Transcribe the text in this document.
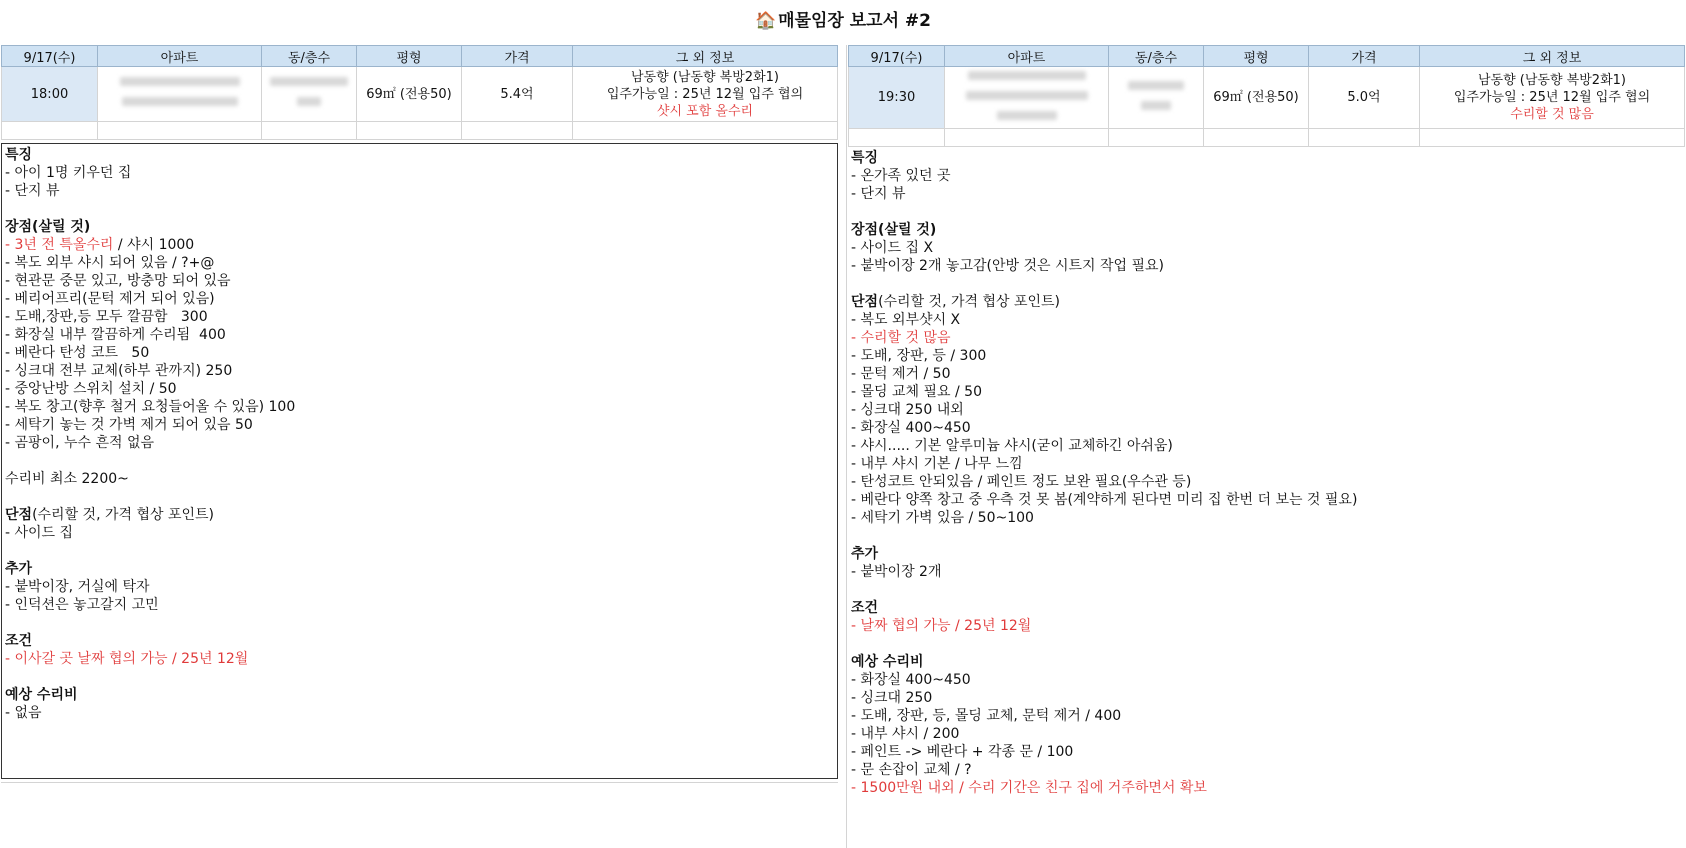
🏠 매물임장 보고서 #2
9/17(수)	아파트	동/층수	평형	가격	그 외 정보
18:00			69㎡ (전용50)	5.4억	남동향 (남동향 복방2화1)
입주가능일 : 25년 12월 입주 협의
샷시 포함 올수리

특징
- 아이 1명 키우던 집
- 단지 뷰
장점(살릴 것)
- 3년 전 특올수리 / 샤시 1000
- 복도 외부 샤시 되어 있음 / ?+@
- 현관문 중문 있고, 방충망 되어 있음
- 베리어프리(문턱 제거 되어 있음)
- 도배,장판,등 모두 깔끔함   300
- 화장실 내부 깔끔하게 수리됨  400
- 베란다 탄성 코트   50
- 싱크대 전부 교체(하부 관까지) 250
- 중앙난방 스위치 설치 / 50
- 복도 창고(향후 철거 요청들어올 수 있음) 100
- 세탁기 놓는 것 가벽 제거 되어 있음 50
- 곰팡이, 누수 흔적 없음
수리비 최소 2200~
단점(수리할 것, 가격 협상 포인트)
- 사이드 집
추가
- 붙박이장, 거실에 탁자
- 인덕션은 놓고갈지 고민
조건
- 이사갈 곳 날짜 협의 가능 / 25년 12월
예상 수리비
- 없음
9/17(수)	아파트	동/층수	평형	가격	그 외 정보
19:30			69㎡ (전용50)	5.0억	남동향 (남동향 복방2화1)
입주가능일 : 25년 12월 입주 협의
수리할 것 많음

특징
- 온가족 있던 곳
- 단지 뷰
장점(살릴 것)
- 사이드 집 X
- 붙박이장 2개 놓고감(안방 것은 시트지 작업 필요)
단점(수리할 것, 가격 협상 포인트)
- 복도 외부샷시 X
- 수리할 것 많음
- 도배, 장판, 등 / 300
- 문턱 제거 / 50
- 몰딩 교체 필요 / 50
- 싱크대 250 내외
- 화장실 400~450
- 샤시..... 기본 알루미늄 샤시(굳이 교체하긴 아쉬움)
- 내부 샤시 기본 / 나무 느낌
- 탄성코트 안되있음 / 페인트 정도 보완 필요(우수관 등)
- 베란다 양쪽 창고 중 우측 것 못 봄(계약하게 된다면 미리 집 한번 더 보는 것 필요)
- 세탁기 가벽 있음 / 50~100
추가
- 붙박이장 2개
조건
- 날짜 협의 가능 / 25년 12월
예상 수리비
- 화장실 400~450
- 싱크대 250
- 도배, 장판, 등, 몰딩 교체, 문턱 제거 / 400
- 내부 샤시 / 200
- 페인트 -> 베란다 + 각종 문 / 100
- 문 손잡이 교체 / ?
- 1500만원 내외 / 수리 기간은 친구 집에 거주하면서 확보
